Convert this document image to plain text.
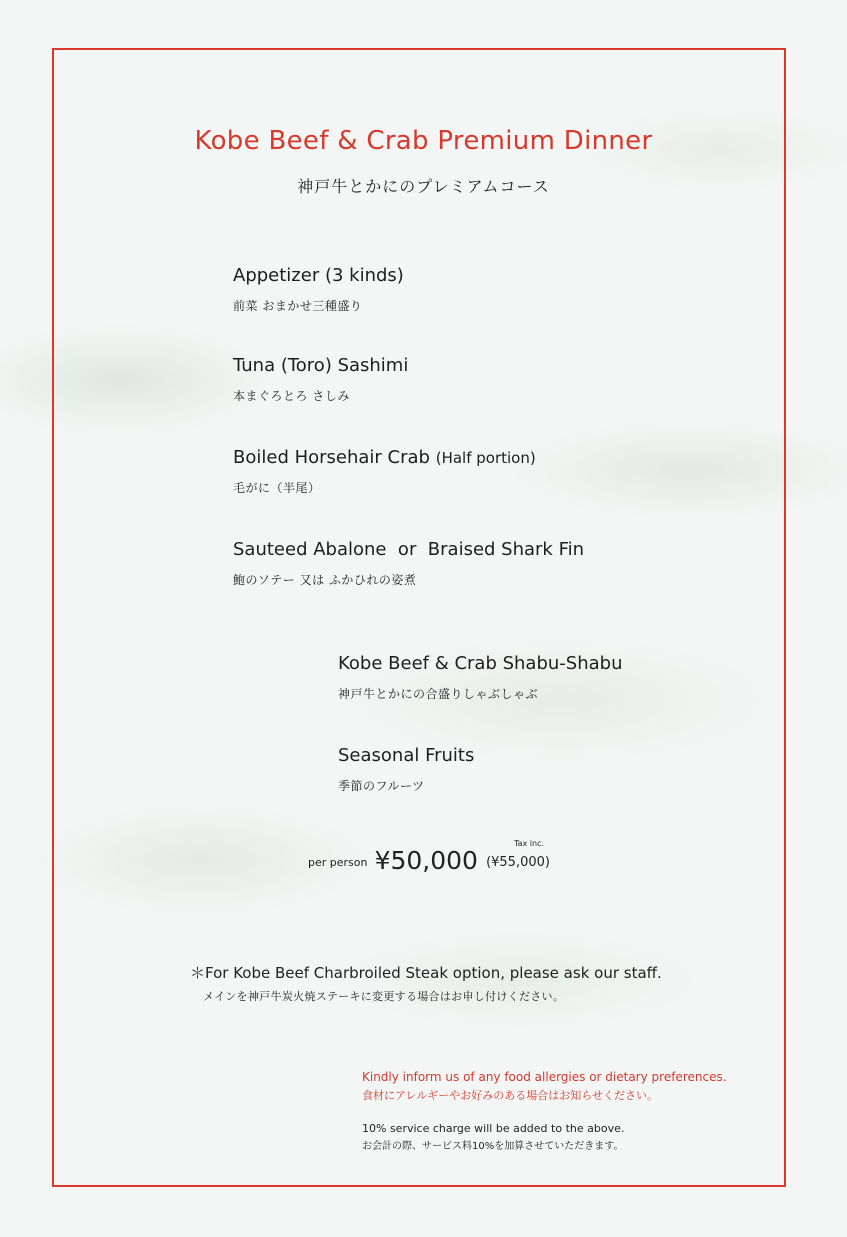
Kobe Beef & Crab Premium Dinner
神戸牛とかにのプレミアムコース
Appetizer (3 kinds)
前菜 おまかせ三種盛り
Tuna (Toro) Sashimi
本まぐろとろ さしみ
Boiled Horsehair Crab (Half portion)
毛がに（半尾）
Sauteed Abalone  or  Braised Shark Fin
鮑のソテー 又は ふかひれの姿煮
Kobe Beef & Crab Shabu-Shabu
神戸牛とかにの合盛りしゃぶしゃぶ
Seasonal Fruits
季節のフルーツ
per person ¥50,000
Tax inc.
(¥55,000)
＊For Kobe Beef Charbroiled Steak option, please ask our staff.
メインを神戸牛炭火焼ステーキに変更する場合はお申し付けください。
Kindly inform us of any food allergies or dietary preferences.
食材にアレルギーやお好みのある場合はお知らせください。
10% service charge will be added to the above.
お会計の際、サービス料10%を加算させていただきます。
